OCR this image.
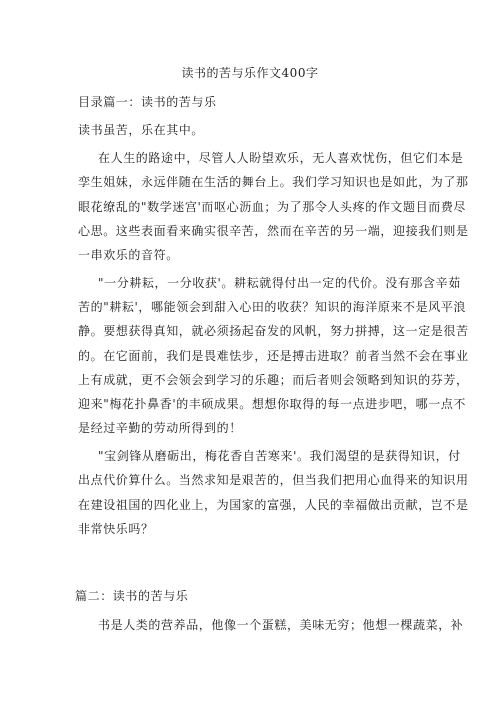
读书的苦与乐作文400字
目录篇一：读书的苦与乐
读书虽苦，乐在其中。
在人生的路途中，尽管人人盼望欢乐，无人喜欢忧伤，但它们本是
孪生姐妹，永远伴随在生活的舞台上。我们学习知识也是如此，为了那
眼花缭乱的"数学迷宫'而呕心沥血；为了那令人头疼的作文题目而费尽
心思。这些表面看来确实很辛苦，然而在辛苦的另一端，迎接我们则是
一串欢乐的音符。
"一分耕耘，一分收获'。耕耘就得付出一定的代价。没有那含辛茹
苦的"耕耘'，哪能领会到甜入心田的收获？知识的海洋原来不是风平浪
静。要想获得真知，就必须扬起奋发的风帆，努力拼搏，这一定是很苦
的。在它面前，我们是畏难怯步，还是搏击进取？前者当然不会在事业
上有成就，更不会领会到学习的乐趣；而后者则会领略到知识的芬芳，
迎来"梅花扑鼻香'的丰硕成果。想想你取得的每一点进步吧，哪一点不
是经过辛勤的劳动所得到的！
"宝剑锋从磨砺出，梅花香自苦寒来'。我们渴望的是获得知识，付
出点代价算什么。当然求知是艰苦的，但当我们把用心血得来的知识用
在建设祖国的四化业上，为国家的富强，人民的幸福做出贡献，岂不是
非常快乐吗？
篇二：读书的苦与乐
书是人类的营养品，他像一个蛋糕，美味无穷；他想一棵蔬菜，补
